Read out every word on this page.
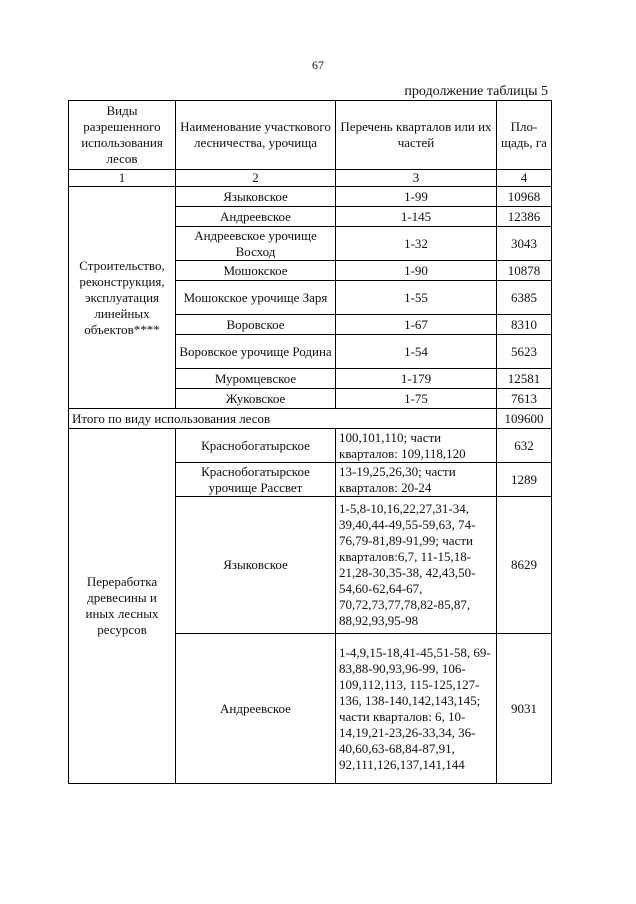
67
продолжение таблицы 5
Виды разрешенного использования лесов	Наименование участкового лесничества, урочища	Перечень кварталов или их частей	Пло-щадь, га
1	2	3	4
Строительство, реконструкция, эксплуатация линейных объектов****	Языковское	1-99	10968
	Андреевское	1-145	12386
	Андреевское урочище Восход	1-32	3043
	Мошокское	1-90	10878
	Мошокское урочище Заря	1-55	6385
	Воровское	1-67	8310
	Воровское урочище Родина	1-54	5623
	Муромцевское	1-179	12581
	Жуковское	1-75	7613
Итого по виду использования лесов			109600
Переработка древесины и иных лесных ресурсов	Краснобогатырское	100,101,110; части кварталов: 109,118,120	632
	Краснобогатырское урочище Рассвет	13-19,25,26,30; части кварталов: 20-24	1289
	Языковское	1-5,8-10,16,22,27,31-34, 39,40,44-49,55-59,63, 74-76,79-81,89-91,99; части кварталов:6,7, 11-15,18-21,28-30,35-38, 42,43,50-54,60-62,64-67, 70,72,73,77,78,82-85,87, 88,92,93,95-98	8629
	Андреевское	1-4,9,15-18,41-45,51-58, 69-83,88-90,93,96-99, 106-109,112,113, 115-125,127-136, 138-140,142,143,145; части кварталов: 6, 10-14,19,21-23,26-33,34, 36-40,60,63-68,84-87,91, 92,111,126,137,141,144	9031
